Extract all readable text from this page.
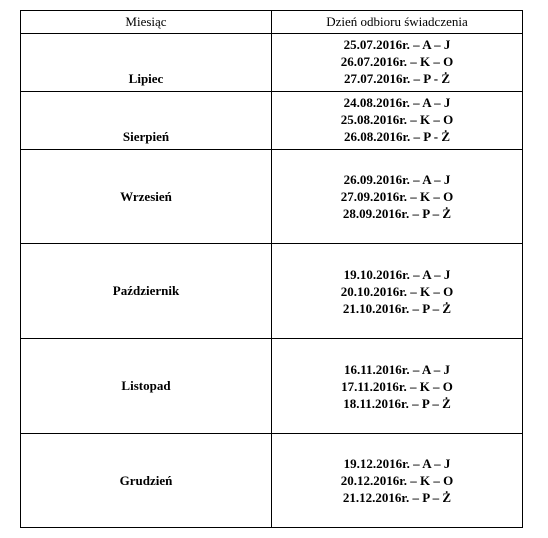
Miesiąc	Dzień odbioru świadczenia
Lipiec	25.07.2016r. – A – J
26.07.2016r. – K – O
27.07.2016r. – P - Ż

Sierpień	24.08.2016r. – A – J
25.08.2016r. – K – O
26.08.2016r. – P - Ż

Wrzesień	26.09.2016r. – A – J
27.09.2016r. – K – O
28.09.2016r. – P – Ż

Październik	19.10.2016r. – A – J
20.10.2016r. – K – O
21.10.2016r. – P – Ż

Listopad	16.11.2016r. – A – J
17.11.2016r. – K – O
18.11.2016r. – P – Ż

Grudzień	19.12.2016r. – A – J
20.12.2016r. – K – O
21.12.2016r. – P – Ż
